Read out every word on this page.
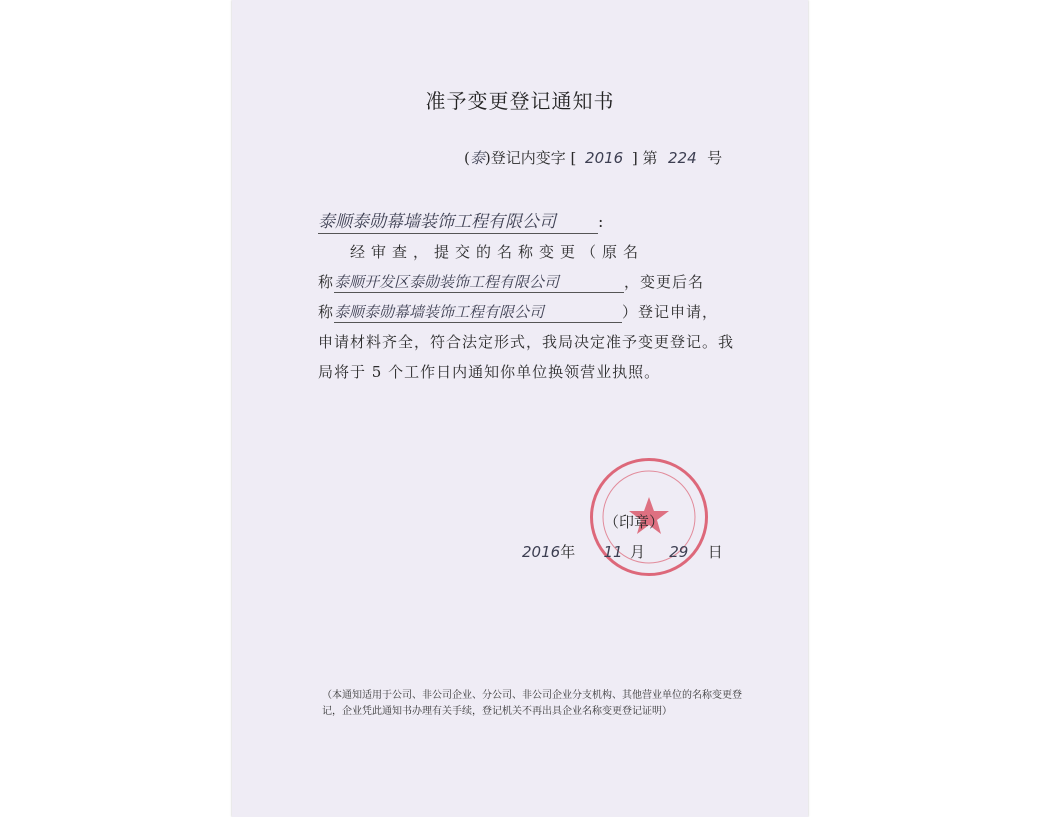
准予变更登记通知书
(泰)登记内变字 [ 2016 ] 第 224 号
泰顺泰勋幕墙装饰工程有限公司	:
经审查，提交的名称变更（原名
称泰顺开发区泰勋装饰工程有限公司	，变更后名
称泰顺泰勋幕墙装饰工程有限公司	）登记申请，
申请材料齐全，符合法定形式，我局决定准予变更登记。我
局将于 5 个工作日内通知你单位换领营业执照。
（印章）
2016年 11 月 29 日
（本通知适用于公司、非公司企业、分公司、非公司企业分支机构、其他营业单位的名称变更登记，企业凭此通知书办理有关手续，登记机关不再出具企业名称变更登记证明）
